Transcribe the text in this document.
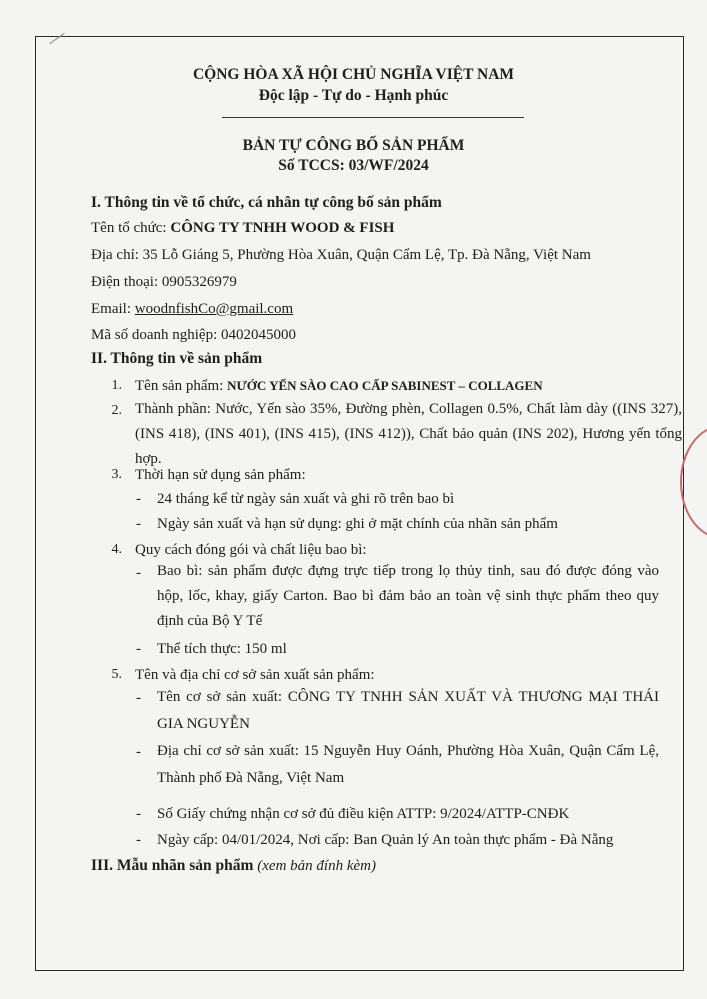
CỘNG HÒA XÃ HỘI CHỦ NGHĨA VIỆT NAM
Độc lập - Tự do - Hạnh phúc
BẢN TỰ CÔNG BỐ SẢN PHẨM
Số TCCS: 03/WF/2024
I. Thông tin về tổ chức, cá nhân tự công bố sản phẩm
Tên tổ chức: CÔNG TY TNHH WOOD & FISH
Địa chỉ: 35 Lỗ Giáng 5, Phường Hòa Xuân, Quận Cẩm Lệ, Tp. Đà Nẵng, Việt Nam
Điện thoại: 0905326979
Email: woodnfishCo@gmail.com
Mã số doanh nghiệp: 0402045000
II. Thông tin về sản phẩm
1. Tên sản phẩm: NƯỚC YẾN SÀO CAO CẤP SABINEST – COLLAGEN
2. Thành phần: Nước, Yến sào 35%, Đường phèn, Collagen 0.5%, Chất làm dày ((INS 327), (INS 418), (INS 401), (INS 415), (INS 412)), Chất bảo quản (INS 202), Hương yến tổng hợp.
3. Thời hạn sử dụng sản phẩm:
- 24 tháng kể từ ngày sản xuất và ghi rõ trên bao bì
- Ngày sản xuất và hạn sử dụng: ghi ở mặt chính của nhãn sản phẩm
4. Quy cách đóng gói và chất liệu bao bì:
- Bao bì: sản phẩm được đựng trực tiếp trong lọ thủy tinh, sau đó được đóng vào hộp, lốc, khay, giấy Carton. Bao bì đảm bảo an toàn vệ sinh thực phẩm theo quy định của Bộ Y Tế
- Thể tích thực: 150 ml
5. Tên và địa chỉ cơ sở sản xuất sản phẩm:
- Tên cơ sở sản xuất: CÔNG TY TNHH SẢN XUẤT VÀ THƯƠNG MẠI THÁI GIA NGUYỄN
- Địa chỉ cơ sở sản xuất: 15 Nguyễn Huy Oánh, Phường Hòa Xuân, Quận Cẩm Lệ, Thành phố Đà Nẵng, Việt Nam
- Số Giấy chứng nhận cơ sở đủ điều kiện ATTP: 9/2024/ATTP-CNĐK
- Ngày cấp: 04/01/2024, Nơi cấp: Ban Quản lý An toàn thực phẩm - Đà Nẵng
III. Mẫu nhãn sản phẩm (xem bản đính kèm)
